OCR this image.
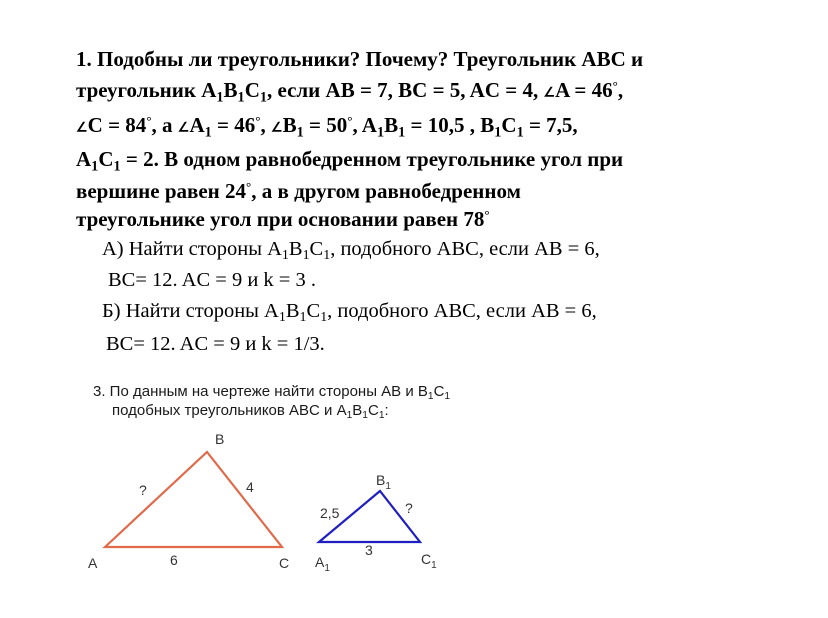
1. Подобны ли треугольники? Почему? Треугольник ABC и
треугольник $A_1B_1C_1$, если AB = 7, BC = 5, AC = 4, ∠A = 46°,
∠C = 84°, a $\angle A_1 = 46^\circ$, $\angle B_1 = 50^\circ$, $A_1B_1 = 10,5$ , $B_1C_1 = 7,5$,
$A_1C_1 = 2$. В одном равнобедренном треугольнике угол при
вершине равен 24°, а в другом равнобедренном
треугольнике угол при основании равен 78°
А) Найти стороны $A_1B_1C_1$, подобного ABC, если AB = 6,
BC= 12. AC = 9 и k = 3 .
Б) Найти стороны $A_1B_1C_1$, подобного ABC, если AB = 6,
BC= 12. AC = 9 и k = 1/3.
3. По данным на чертеже найти стороны AB и $B_1C_1$
подобных треугольников ABC и $A_1B_1C_1$:
A
B
C
?	4
6	$A_1$
$B_1$
$C_1$
2,5	?
3
